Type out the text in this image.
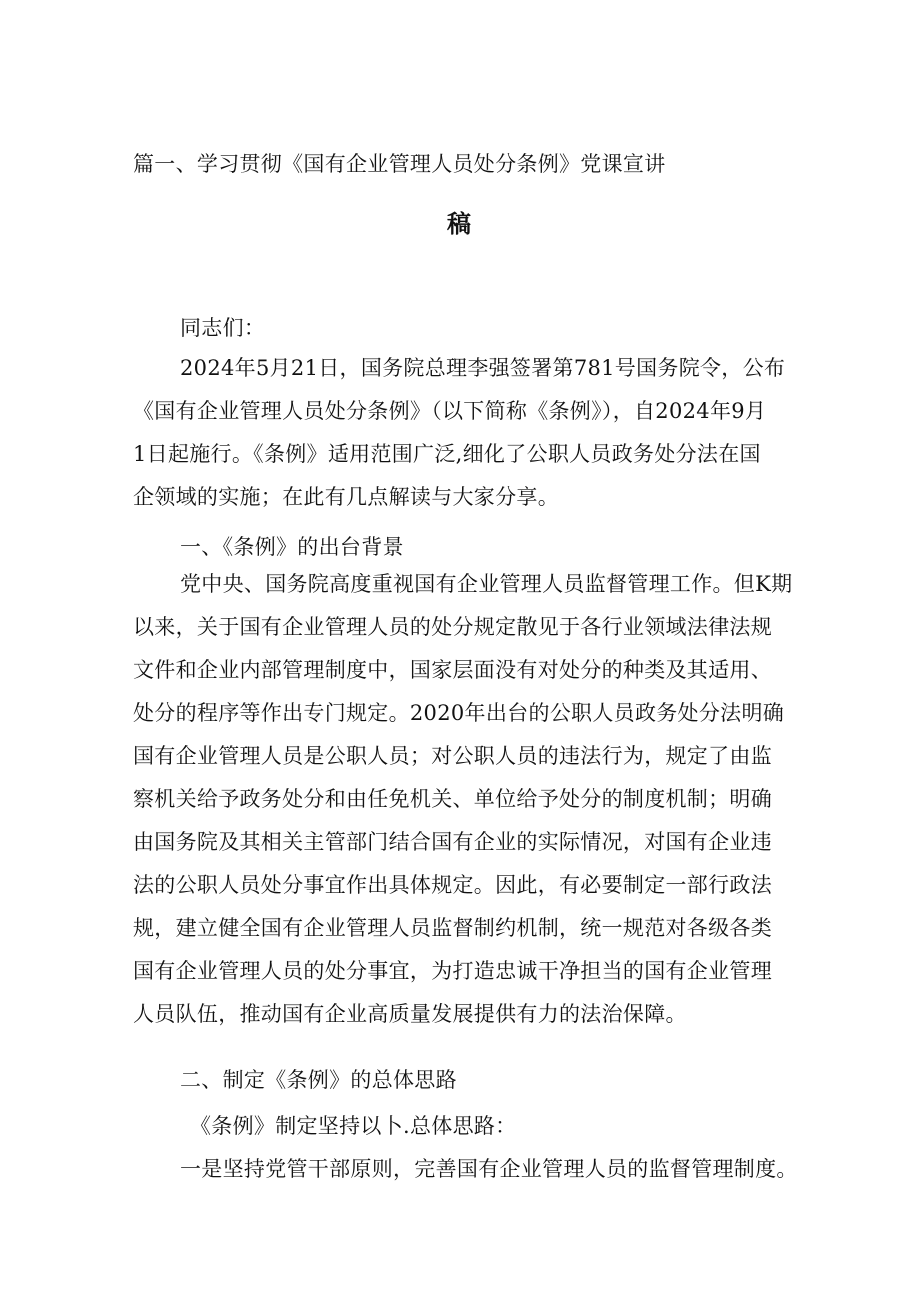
篇一、学习贯彻《国有企业管理人员处分条例》党课宣讲
稿
同志们：
2024年5月21日，国务院总理李强签署第781号国务院令，公布
《国有企业管理人员处分条例》（以下简称《条例》），自2024年9月
1日起施行。《条例》适用范围广泛,细化了公职人员政务处分法在国
企领域的实施；在此有几点解读与大家分享。
一、《条例》的出台背景
党中央、国务院高度重视国有企业管理人员监督管理工作。但K期
以来，关于国有企业管理人员的处分规定散见于各行业领域法律法规
文件和企业内部管理制度中，国家层面没有对处分的种类及其适用、
处分的程序等作出专门规定。2020年出台的公职人员政务处分法明确
国有企业管理人员是公职人员；对公职人员的违法行为，规定了由监
察机关给予政务处分和由任免机关、单位给予处分的制度机制；明确
由国务院及其相关主管部门结合国有企业的实际情况，对国有企业违
法的公职人员处分事宜作出具体规定。因此，有必要制定一部行政法
规，建立健全国有企业管理人员监督制约机制，统一规范对各级各类
国有企业管理人员的处分事宜，为打造忠诚干净担当的国有企业管理
人员队伍，推动国有企业高质量发展提供有力的法治保障。
二、制定《条例》的总体思路
《条例》制定坚持以卜.总体思路：
一是坚持党管干部原则，完善国有企业管理人员的监督管理制度。
